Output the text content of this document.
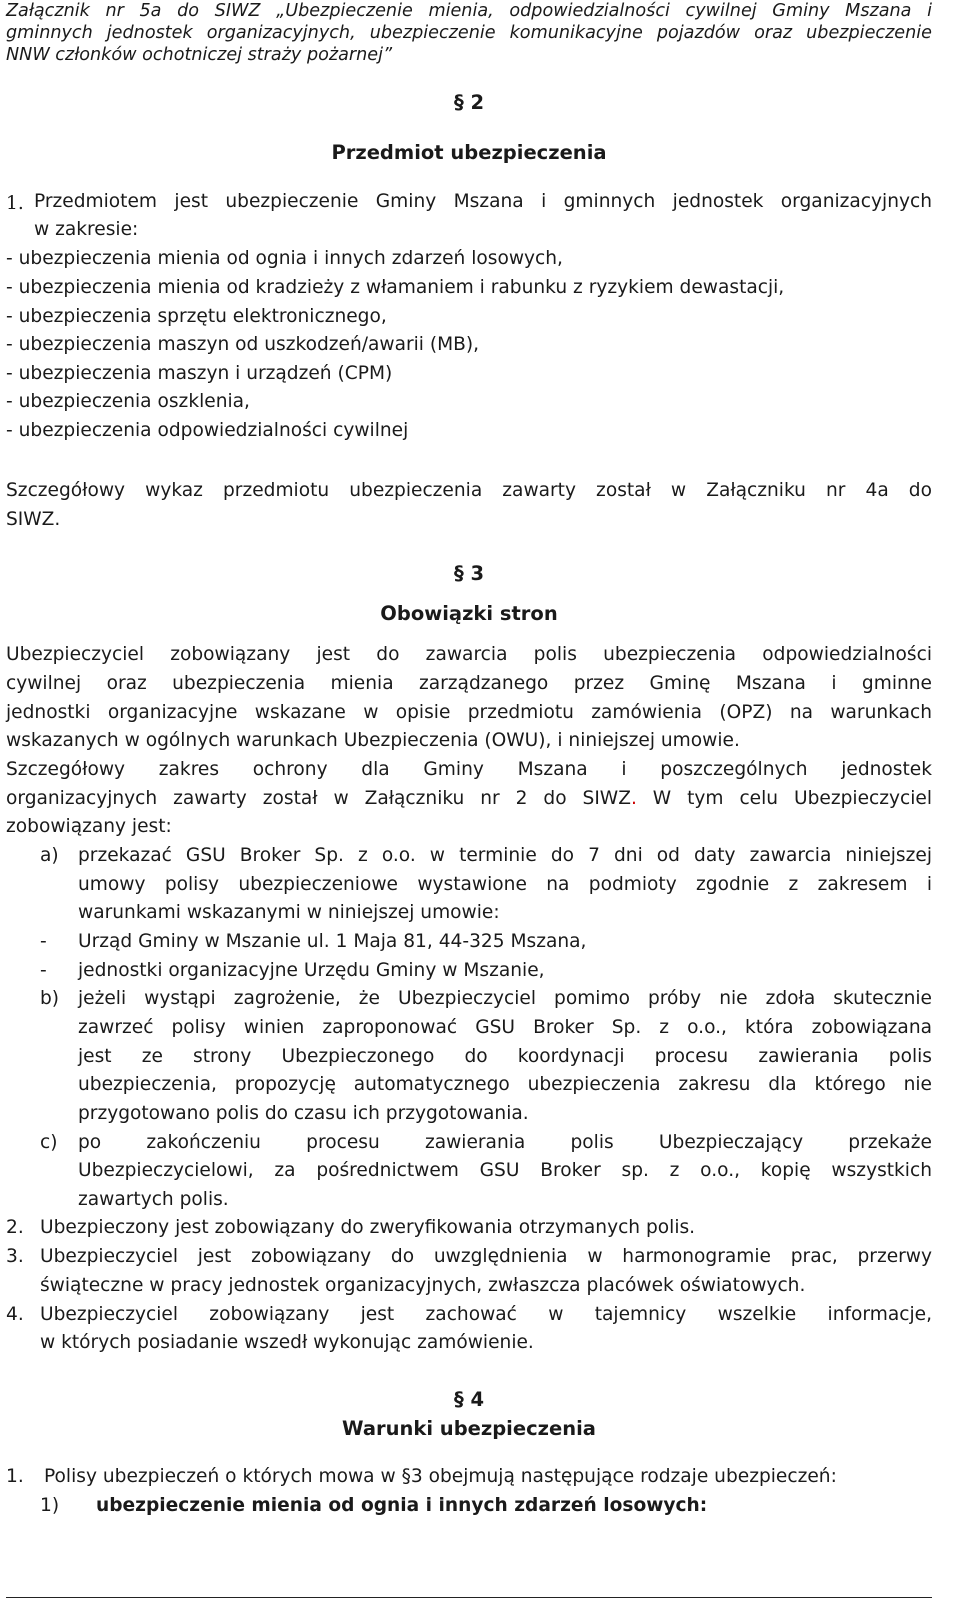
Załącznik nr 5a do SIWZ „Ubezpieczenie mienia, odpowiedzialności cywilnej Gminy Mszana i
gminnych jednostek organizacyjnych, ubezpieczenie komunikacyjne pojazdów oraz ubezpieczenie
NNW członków ochotniczej straży pożarnej”
§ 2
Przedmiot ubezpieczenia
1. Przedmiotem jest ubezpieczenie Gminy Mszana i gminnych jednostek organizacyjnych
w zakresie:
- ubezpieczenia mienia od ognia i innych zdarzeń losowych,
- ubezpieczenia mienia od kradzieży z włamaniem i rabunku z ryzykiem dewastacji,
- ubezpieczenia sprzętu elektronicznego,
- ubezpieczenia maszyn od uszkodzeń/awarii (MB),
- ubezpieczenia maszyn i urządzeń (CPM)
- ubezpieczenia oszklenia,
- ubezpieczenia odpowiedzialności cywilnej
Szczegółowy wykaz przedmiotu ubezpieczenia zawarty został w Załączniku nr 4a do
SIWZ.
§ 3
Obowiązki stron
Ubezpieczyciel zobowiązany jest do zawarcia polis ubezpieczenia odpowiedzialności
cywilnej oraz ubezpieczenia mienia zarządzanego przez Gminę Mszana i gminne
jednostki organizacyjne wskazane w opisie przedmiotu zamówienia (OPZ) na warunkach
wskazanych w ogólnych warunkach Ubezpieczenia (OWU), i niniejszej umowie.
Szczegółowy zakres ochrony dla Gminy Mszana i poszczególnych jednostek
organizacyjnych zawarty został w Załączniku nr 2 do SIWZ. W tym celu Ubezpieczyciel
zobowiązany jest:
a) przekazać GSU Broker Sp. z o.o. w terminie do 7 dni od daty zawarcia niniejszej
umowy polisy ubezpieczeniowe wystawione na podmioty zgodnie z zakresem i
warunkami wskazanymi w niniejszej umowie:
- Urząd Gminy w Mszanie ul. 1 Maja 81, 44-325 Mszana,
- jednostki organizacyjne Urzędu Gminy w Mszanie,
b) jeżeli wystąpi zagrożenie, że Ubezpieczyciel pomimo próby nie zdoła skutecznie
zawrzeć polisy winien zaproponować GSU Broker Sp. z o.o., która zobowiązana
jest ze strony Ubezpieczonego do koordynacji procesu zawierania polis
ubezpieczenia, propozycję automatycznego ubezpieczenia zakresu dla którego nie
przygotowano polis do czasu ich przygotowania.
c) po zakończeniu procesu zawierania polis Ubezpieczający przekaże
Ubezpieczycielowi, za pośrednictwem GSU Broker sp. z o.o., kopię wszystkich
zawartych polis.
2. Ubezpieczony jest zobowiązany do zweryfikowania otrzymanych polis.
3. Ubezpieczyciel jest zobowiązany do uwzględnienia w harmonogramie prac, przerwy
świąteczne w pracy jednostek organizacyjnych, zwłaszcza placówek oświatowych.
4. Ubezpieczyciel zobowiązany jest zachować w tajemnicy wszelkie informacje,
w których posiadanie wszedł wykonując zamówienie.
§ 4
Warunki ubezpieczenia
1. Polisy ubezpieczeń o których mowa w §3 obejmują następujące rodzaje ubezpieczeń:
1) ubezpieczenie mienia od ognia i innych zdarzeń losowych:
